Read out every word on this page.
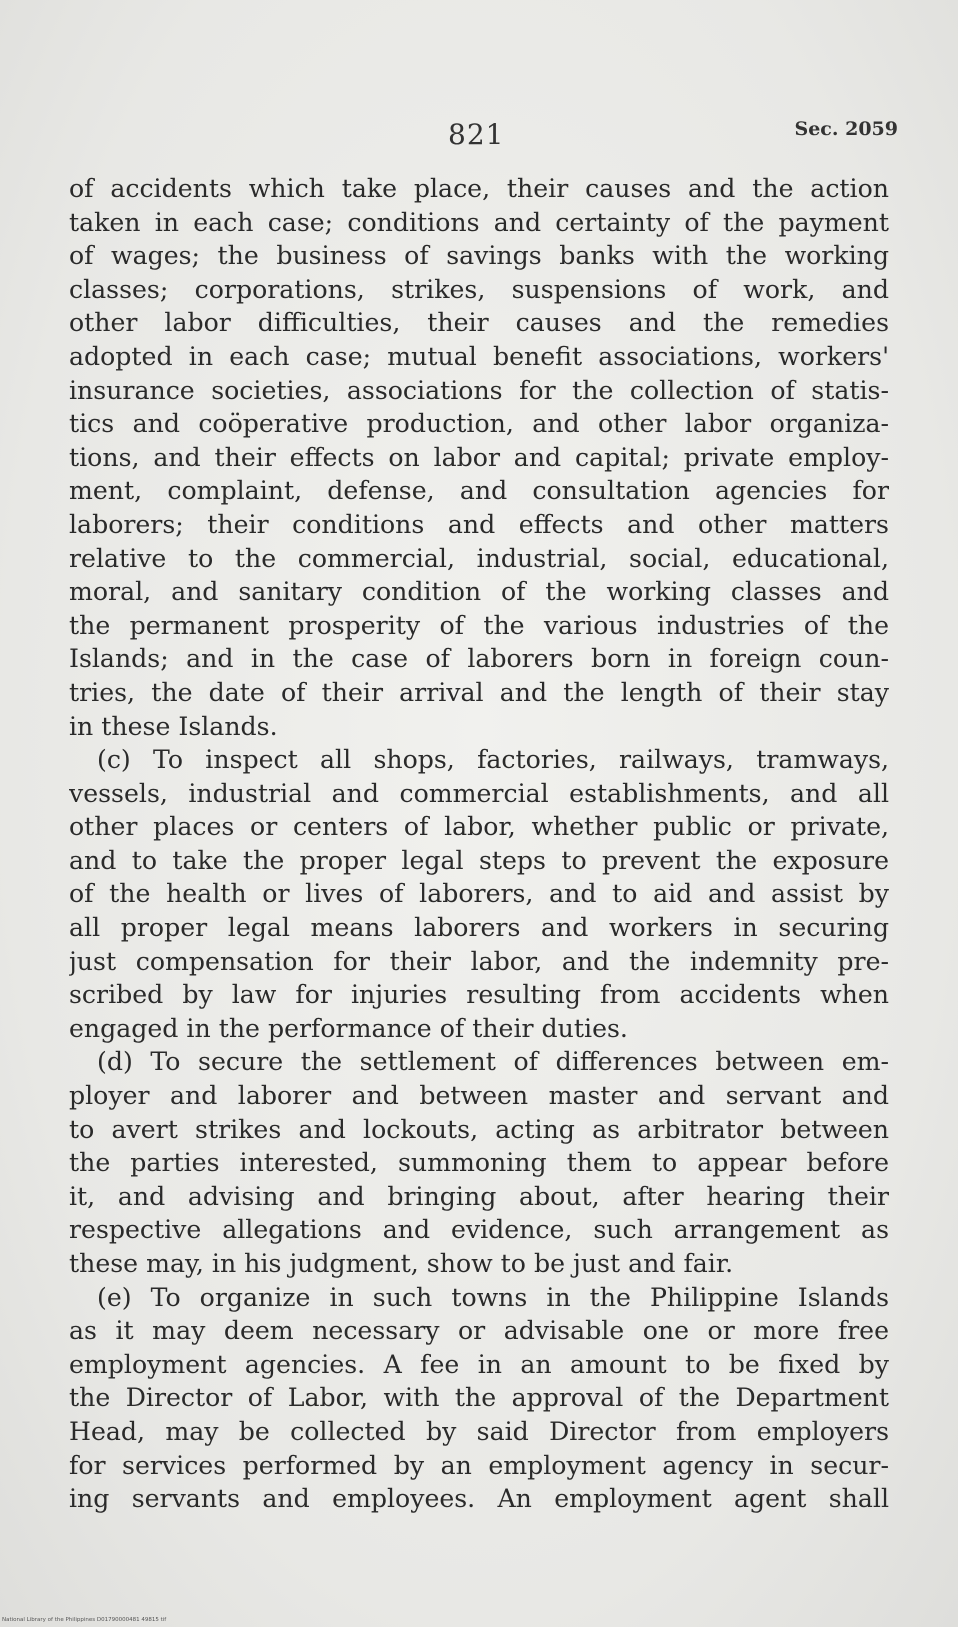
821	Sec. 2059
of accidents which take place, their causes and the action
taken in each case; conditions and certainty of the payment
of wages; the business of savings banks with the working
classes; corporations, strikes, suspensions of work, and
other labor difficulties, their causes and the remedies
adopted in each case; mutual benefit associations, workers'
insurance societies, associations for the collection of statis-
tics and coöperative production, and other labor organiza-
tions, and their effects on labor and capital; private employ-
ment, complaint, defense, and consultation agencies for
laborers; their conditions and effects and other matters
relative to the commercial, industrial, social, educational,
moral, and sanitary condition of the working classes and
the permanent prosperity of the various industries of the
Islands; and in the case of laborers born in foreign coun-
tries, the date of their arrival and the length of their stay
in these Islands.
(c) To inspect all shops, factories, railways, tramways,
vessels, industrial and commercial establishments, and all
other places or centers of labor, whether public or private,
and to take the proper legal steps to prevent the exposure
of the health or lives of laborers, and to aid and assist by
all proper legal means laborers and workers in securing
just compensation for their labor, and the indemnity pre-
scribed by law for injuries resulting from accidents when
engaged in the performance of their duties.
(d) To secure the settlement of differences between em-
ployer and laborer and between master and servant and
to avert strikes and lockouts, acting as arbitrator between
the parties interested, summoning them to appear before
it, and advising and bringing about, after hearing their
respective allegations and evidence, such arrangement as
these may, in his judgment, show to be just and fair.
(e) To organize in such towns in the Philippine Islands
as it may deem necessary or advisable one or more free
employment agencies. A fee in an amount to be fixed by
the Director of Labor, with the approval of the Department
Head, may be collected by said Director from employers
for services performed by an employment agency in secur-
ing servants and employees. An employment agent shall
National Library of the Philippines D01790000481 49815 tif
